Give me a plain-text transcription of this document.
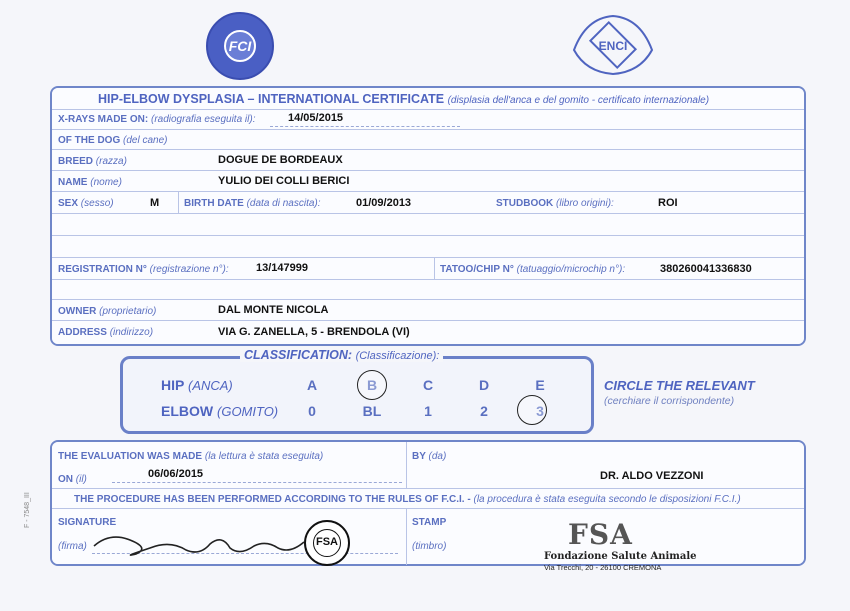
FCI	ENCI
HIP-ELBOW DYSPLASIA – INTERNATIONAL CERTIFICATE (displasia dell'anca e del gomito - certificato internazionale)
X-RAYS MADE ON: (radiografia eseguita il):	14/05/2015
OF THE DOG (del cane)
BREED (razza)	DOGUE DE BORDEAUX
NAME (nome)	YULIO DEI COLLI BERICI
SEX (sesso)	M BIRTH DATE (data di nascita):	01/09/2013	STUDBOOK (libro origini):	ROI
REGISTRATION N° (registrazione n°): 13/147999	TATOO/CHIP N° (tatuaggio/microchip n°):	380260041336830
OWNER (proprietario)	DAL MONTE NICOLA
ADDRESS (indirizzo)	VIA G. ZANELLA, 5 - BRENDOLA (VI)
HIP (ANCA)	A	B	C	D	E
ELBOW (GOMITO)	0	BL	1	2	3
CLASSIFICATION: (Classificazione):
CIRCLE THE RELEVANT
(cerchiare il corrispondente)
THE EVALUATION WAS MADE (la lettura è stata eseguita)
ON (il)	06/06/2015
BY (da)
DR. ALDO VEZZONI
THE PROCEDURE HAS BEEN PERFORMED ACCORDING TO THE RULES OF F.C.I. - (la procedura è stata eseguita secondo le disposizioni F.C.I.)
SIGNATURE
(firma)
STAMP
(timbro)
FSA	FSA
Fondazione Salute Animale
Via Trecchi, 20 - 26100 CREMONA
F - 7548_III
